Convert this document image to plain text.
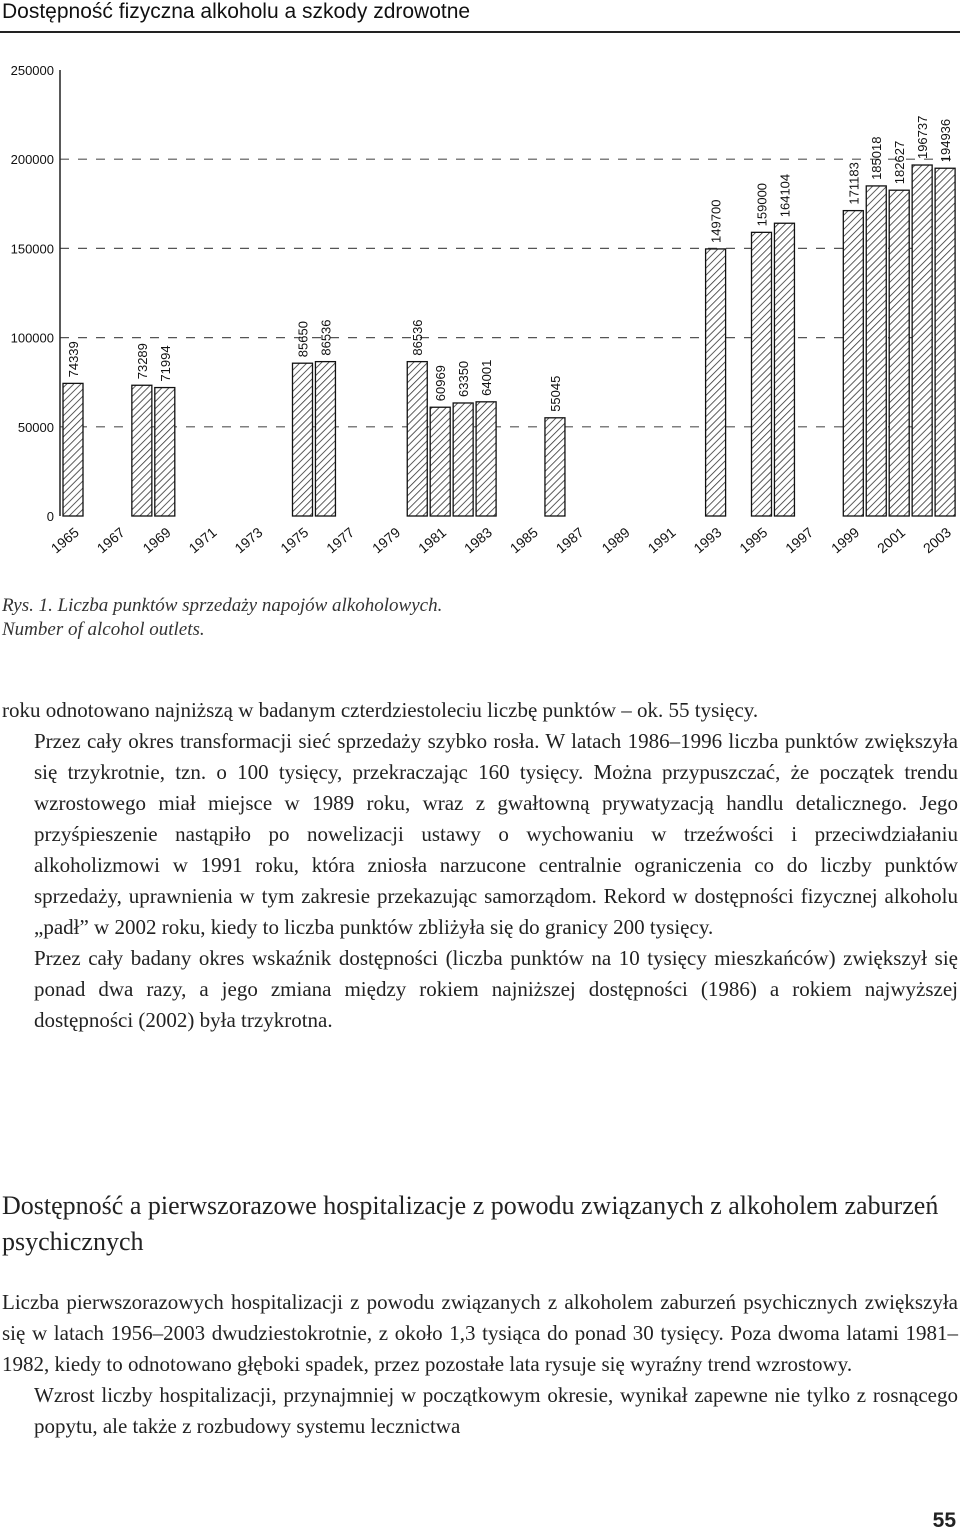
Dostępność fizyczna alkoholu a szkody zdrowotne
0
50000
100000
150000
200000
250000
74339	73289 71994
85650 86536	86536
60969 63350 64001	55045
149700 159000 164104	171183
185018 182627
196737 194936
1965 1967 1969 1971 1973 1975 1977 1979 1981 1983 1985 1987 1989 1991 1993 1995 1997 1999 2001 2003
Rys. 1. Liczba punktów sprzedaży napojów alkoholowych.
Number of alcohol outlets.

roku odnotowano najniższą w badanym czterdziestoleciu liczbę punktów – ok. 55 tysięcy.

Przez cały okres transformacji sieć sprzedaży szybko rosła. W latach 1986–1996 liczba punktów zwiększyła się trzykrotnie, tzn. o 100 tysięcy, przekraczając 160 tysięcy. Można przypuszczać, że początek trendu wzrostowego miał miejsce w 1989 roku, wraz z gwałtowną prywatyzacją handlu detalicznego. Jego przyśpieszenie nastąpiło po nowelizacji ustawy o wychowaniu w trzeźwości i przeciwdziałaniu alkoholizmowi w 1991 roku, która zniosła narzucone centralnie ograniczenia co do liczby punktów sprzedaży, uprawnienia w tym zakresie przekazując samorządom. Rekord w dostępności fizycznej alkoholu „padł” w 2002 roku, kiedy to liczba punktów zbliżyła się do granicy 200 tysięcy.

Przez cały badany okres wskaźnik dostępności (liczba punktów na 10 tysięcy mieszkańców) zwiększył się ponad dwa razy, a jego zmiana między rokiem najniższej dostępności (1986) a rokiem najwyższej dostępności (2002) była trzykrotna.

Dostępność a pierwszorazowe hospitalizacje z powodu związanych z alkoholem zaburzeń psychicznych

Liczba pierwszorazowych hospitalizacji z powodu związanych z alkoholem zaburzeń psychicznych zwiększyła się w latach 1956–2003 dwudziestokrotnie, z około 1,3 tysiąca do ponad 30 tysięcy. Poza dwoma latami 1981–1982, kiedy to odnotowano głęboki spadek, przez pozostałe lata rysuje się wyraźny trend wzrostowy.

Wzrost liczby hospitalizacji, przynajmniej w początkowym okresie, wynikał zapewne nie tylko z rosnącego popytu, ale także z rozbudowy systemu lecznictwa

55
